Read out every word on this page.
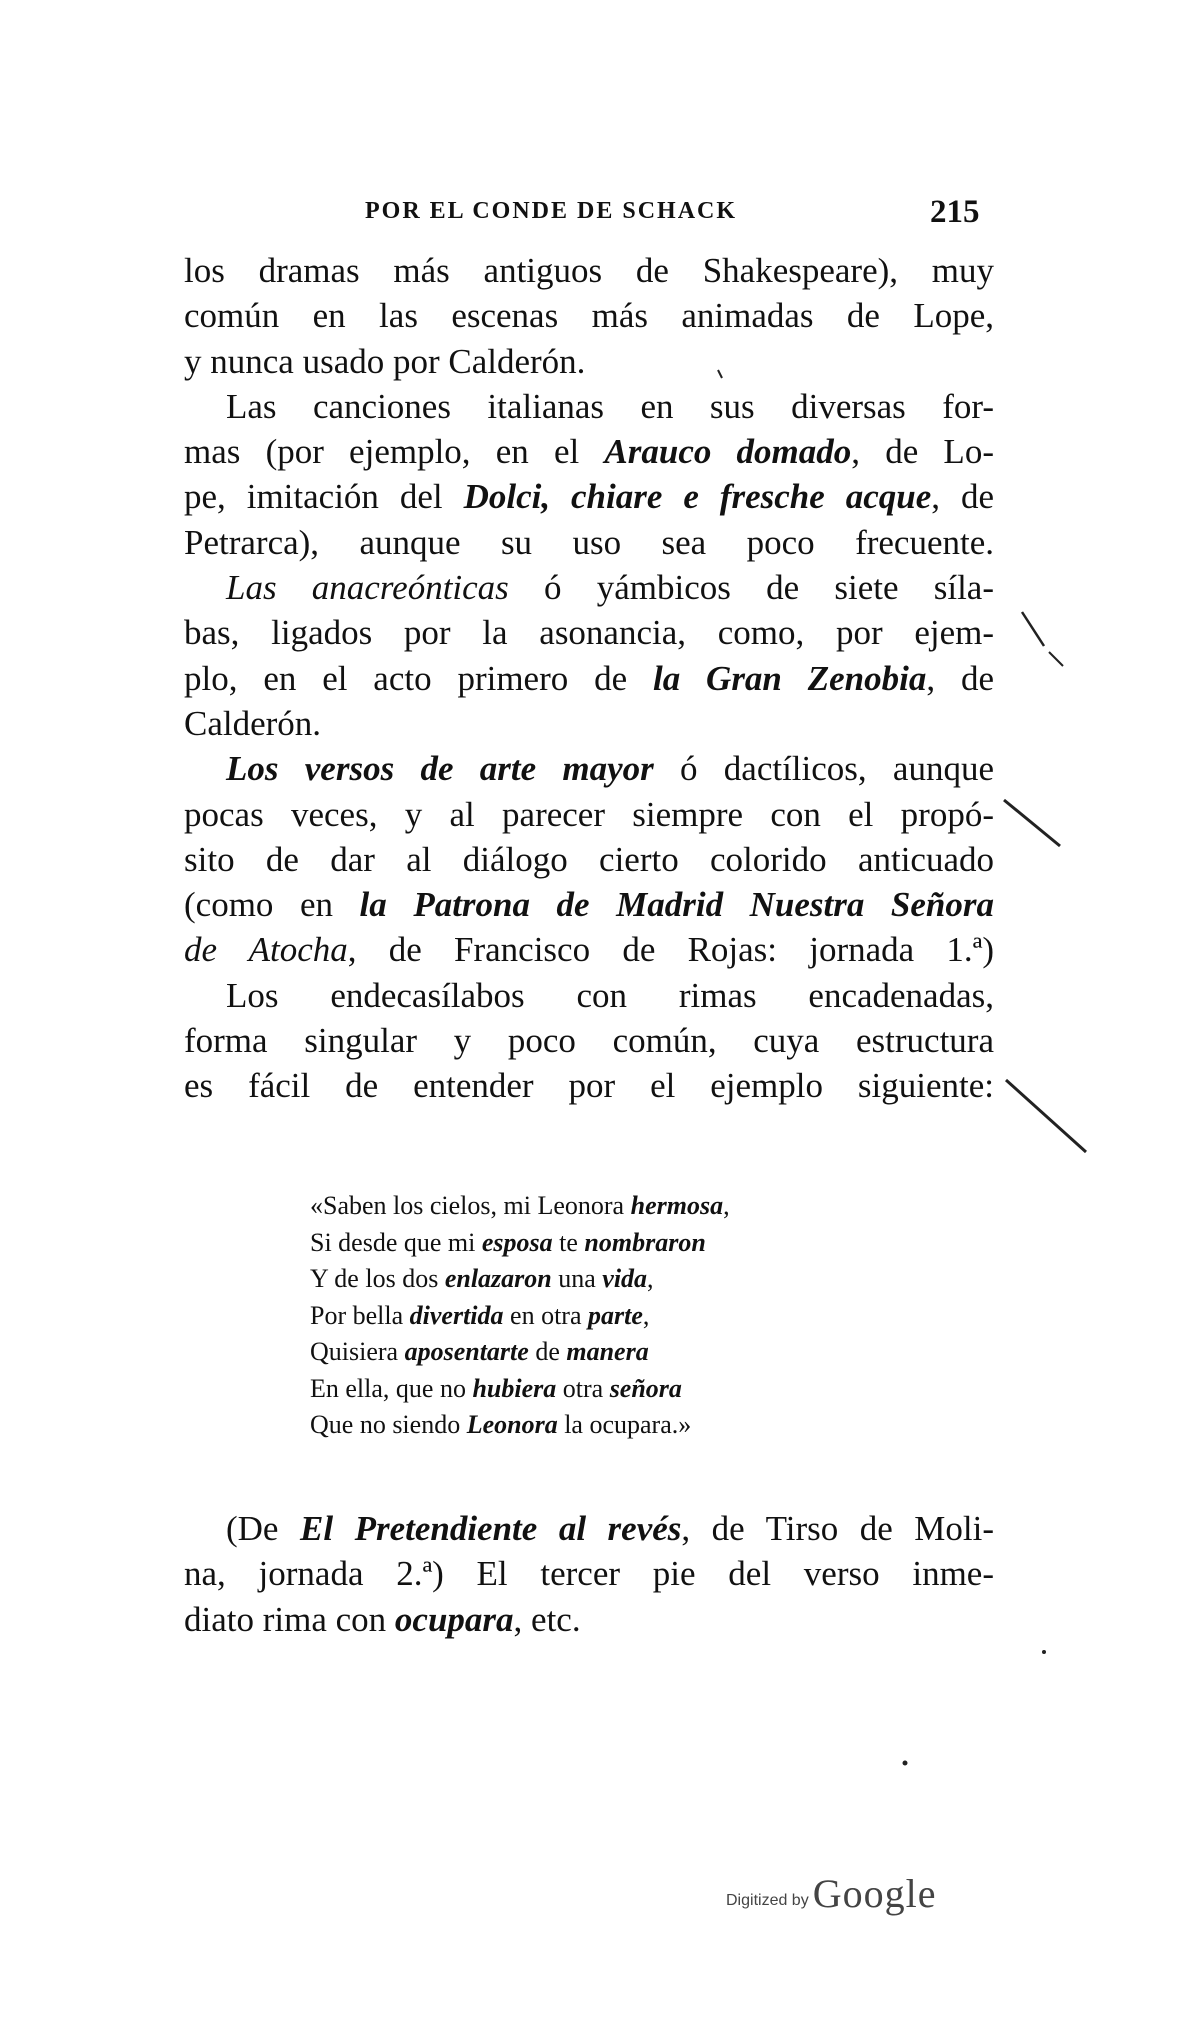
POR EL CONDE DE SCHACK	215
los dramas más antiguos de Shakespeare), muy
común en las escenas más animadas de Lope,
y nunca usado por Calderón.
Las canciones italianas en sus diversas for-
mas (por ejemplo, en el Arauco domado, de Lo-
pe, imitación del Dolci, chiare e fresche acque, de
Petrarca), aunque su uso sea poco frecuente.
Las anacreónticas ó yámbicos de siete síla-
bas, ligados por la asonancia, como, por ejem-
plo, en el acto primero de la Gran Zenobia, de
Calderón.
Los versos de arte mayor ó dactílicos, aunque
pocas veces, y al parecer siempre con el propó-
sito de dar al diálogo cierto colorido anticuado
(como en la Patrona de Madrid Nuestra Señora
de Atocha, de Francisco de Rojas: jornada 1.ª)
Los endecasílabos con rimas encadenadas,
forma singular y poco común, cuya estructura
es fácil de entender por el ejemplo siguiente:
«Saben los cielos, mi Leonora hermosa,
Si desde que mi esposa te nombraron
Y de los dos enlazaron una vida,
Por bella divertida en otra parte,
Quisiera aposentarte de manera
En ella, que no hubiera otra señora
Que no siendo Leonora la ocupara.»
(De El Pretendiente al revés, de Tirso de Moli-
na, jornada 2.ª) El tercer pie del verso inme-
diato rima con ocupara, etc.
Digitized by Google
